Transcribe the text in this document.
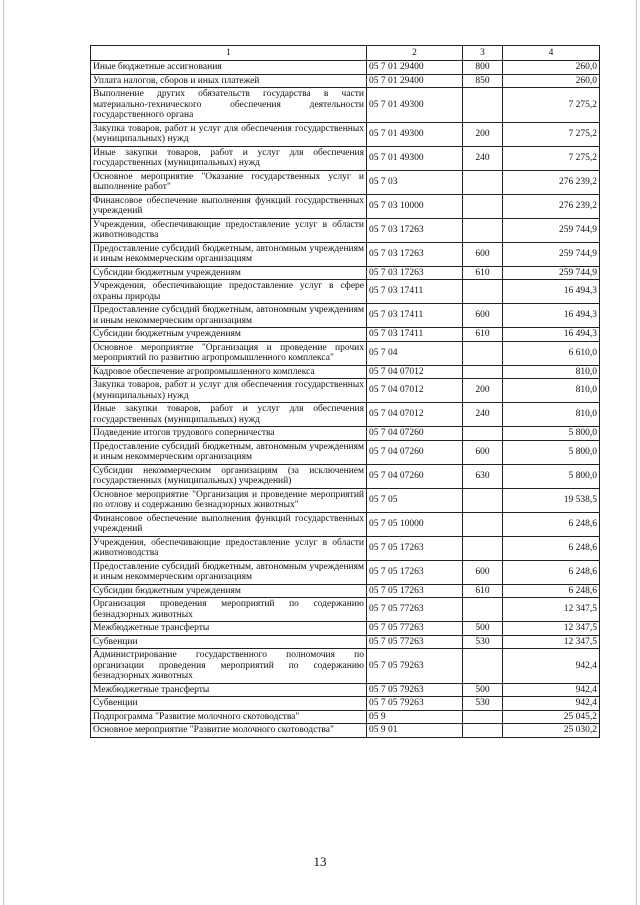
1	2	3	4
Иные бюджетные ассигнования	05 7 01 29400	800	260,0
Уплата налогов, сборов и иных платежей	05 7 01 29400	850	260,0
Выполнение других обязательств государства в части материально-технического обеспечения деятельности государственного органа	05 7 01 49300		7 275,2
Закупка товаров, работ и услуг для обеспечения государственных (муниципальных) нужд	05 7 01 49300	200	7 275,2
Иные закупки товаров, работ и услуг для обеспечения государственных (муниципальных) нужд	05 7 01 49300	240	7 275,2
Основное мероприятие "Оказание государственных услуг и выполнение работ"	05 7 03		276 239,2
Финансовое обеспечение выполнения функций государственных учреждений	05 7 03 10000		276 239,2
Учреждения, обеспечивающие предоставление услуг в области животноводства	05 7 03 17263		259 744,9
Предоставление субсидий бюджетным, автономным учреждениям и иным некоммерческим организациям	05 7 03 17263	600	259 744,9
Субсидии бюджетным учреждениям	05 7 03 17263	610	259 744,9
Учреждения, обеспечивающие предоставление услуг в сфере охраны природы	05 7 03 17411		16 494,3
Предоставление субсидий бюджетным, автономным учреждениям и иным некоммерческим организациям	05 7 03 17411	600	16 494,3
Субсидии бюджетным учреждениям	05 7 03 17411	610	16 494,3
Основное мероприятие "Организация и проведение прочих мероприятий по развитию агропромышленного комплекса"	05 7 04		6 610,0
Кадровое обеспечение агропромышленного комплекса	05 7 04 07012		810,0
Закупка товаров, работ и услуг для обеспечения государственных (муниципальных) нужд	05 7 04 07012	200	810,0
Иные закупки товаров, работ и услуг для обеспечения государственных (муниципальных) нужд	05 7 04 07012	240	810,0
Подведение итогов трудового соперничества	05 7 04 07260		5 800,0
Предоставление субсидий бюджетным, автономным учреждениям и иным некоммерческим организациям	05 7 04 07260	600	5 800,0
Субсидии некоммерческим организациям (за исключением государственных (муниципальных) учреждений)	05 7 04 07260	630	5 800,0
Основное мероприятие "Организация и проведение мероприятий по отлову и содержанию безнадзорных животных"	05 7 05		19 538,5
Финансовое обеспечение выполнения функций государственных учреждений	05 7 05 10000		6 248,6
Учреждения, обеспечивающие предоставление услуг в области животноводства	05 7 05 17263		6 248,6
Предоставление субсидий бюджетным, автономным учреждениям и иным некоммерческим организациям	05 7 05 17263	600	6 248,6
Субсидии бюджетным учреждениям	05 7 05 17263	610	6 248,6
Организация проведения мероприятий по содержанию безнадзорных животных	05 7 05 77263		12 347,5
Межбюджетные трансферты	05 7 05 77263	500	12 347,5
Субвенции	05 7 05 77263	530	12 347,5
Администрирование государственного полномочия по организации проведения мероприятий по содержанию безнадзорных животных	05 7 05 79263		942,4
Межбюджетные трансферты	05 7 05 79263	500	942,4
Субвенции	05 7 05 79263	530	942,4
Подпрограмма "Развитие молочного скотоводства"	05 9		25 045,2
Основное мероприятие "Развитие молочного скотоводства"	05 9 01		25 030,2
13
